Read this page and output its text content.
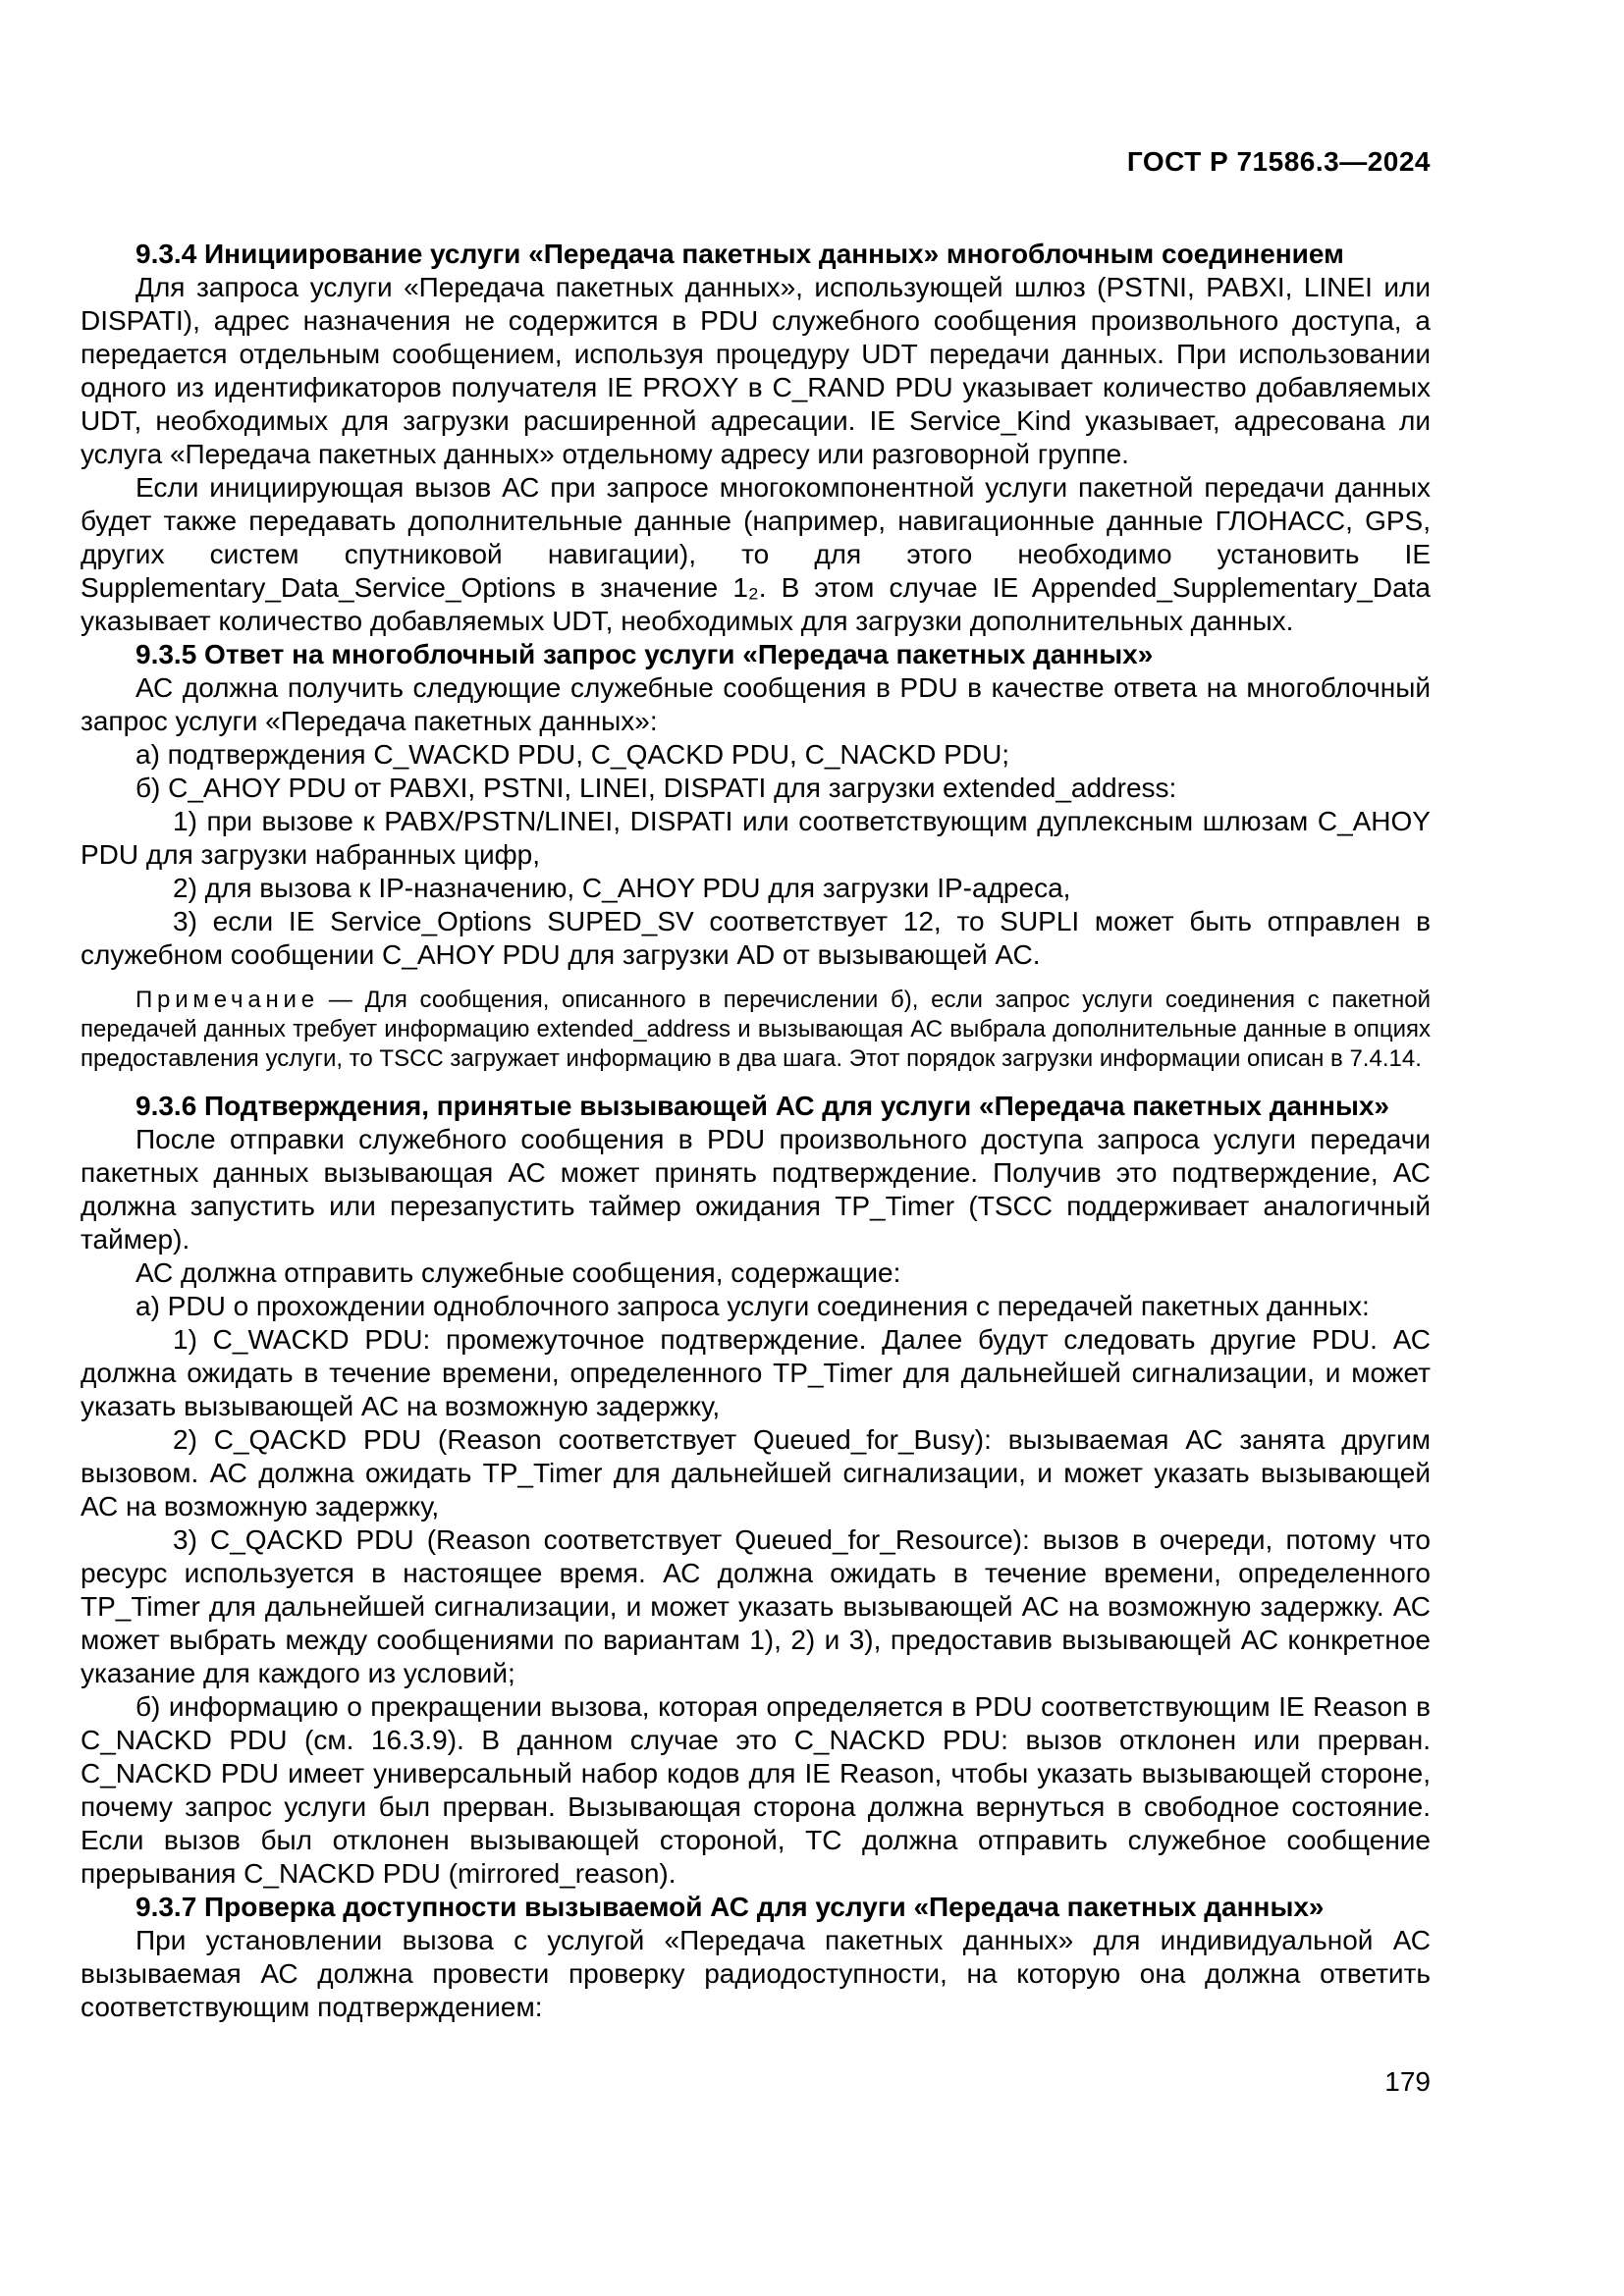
ГОСТ Р 71586.3—2024
9.3.4 Инициирование услуги «Передача пакетных данных» многоблочным соединением

Для запроса услуги «Передача пакетных данных», использующей шлюз (PSTNI, PABXI, LINEI или DISPATI), адрес назначения не содержится в PDU служебного сообщения произвольного доступа, а передается отдельным сообщением, используя процедуру UDT передачи данных. При использовании одного из идентификаторов получателя IE PROXY в C_RAND PDU указывает количество добавляемых UDT, необходимых для загрузки расширенной адресации. IE Service_Kind указывает, адресована ли услуга «Передача пакетных данных» отдельному адресу или разговорной группе.

Если инициирующая вызов АС при запросе многокомпонентной услуги пакетной передачи данных будет также передавать дополнительные данные (например, навигационные данные ГЛОНАСС, GPS, других систем спутниковой навигации), то для этого необходимо установить IE Supplementary_Data_Service_Options в значение 1₂. В этом случае IE Appended_Supplementary_Data указывает количество добавляемых UDT, необходимых для загрузки дополнительных данных.

9.3.5 Ответ на многоблочный запрос услуги «Передача пакетных данных»

АС должна получить следующие служебные сообщения в PDU в качестве ответа на многоблочный запрос услуги «Передача пакетных данных»:

а) подтверждения C_WACKD PDU, C_QACKD PDU, C_NACKD PDU;

б) C_AHOY PDU от PABXI, PSTNI, LINEI, DISPATI для загрузки extended_address:

1) при вызове к PABX/PSTN/LINEI, DISPATI или соответствующим дуплексным шлюзам C_AHOY PDU для загрузки набранных цифр,

2) для вызова к IP-назначению, C_AHOY PDU для загрузки IP-адреса,

3) если IE Service_Options SUPED_SV соответствует 12, то SUPLI может быть отправлен в служебном сообщении C_AHOY PDU для загрузки AD от вызывающей АС.

Примечание — Для сообщения, описанного в перечислении б), если запрос услуги соединения с пакетной передачей данных требует информацию extended_address и вызывающая АС выбрала дополнительные данные в опциях предоставления услуги, то TSCC загружает информацию в два шага. Этот порядок загрузки информации описан в 7.4.14.

9.3.6 Подтверждения, принятые вызывающей АС для услуги «Передача пакетных данных»

После отправки служебного сообщения в PDU произвольного доступа запроса услуги передачи пакетных данных вызывающая АС может принять подтверждение. Получив это подтверждение, АС должна запустить или перезапустить таймер ожидания TP_Timer (TSCC поддерживает аналогичный таймер).

АС должна отправить служебные сообщения, содержащие:

а) PDU о прохождении одноблочного запроса услуги соединения с передачей пакетных данных:

1) C_WACKD PDU: промежуточное подтверждение. Далее будут следовать другие PDU. АС должна ожидать в течение времени, определенного TP_Timer для дальнейшей сигнализации, и может указать вызывающей АС на возможную задержку,

2) C_QACKD PDU (Reason соответствует Queued_for_Busy): вызываемая АС занята другим вызовом. АС должна ожидать TP_Timer для дальнейшей сигнализации, и может указать вызывающей АС на возможную задержку,

3) C_QACKD PDU (Reason соответствует Queued_for_Resource): вызов в очереди, потому что ресурс используется в настоящее время. АС должна ожидать в течение времени, определенного TP_Timer для дальнейшей сигнализации, и может указать вызывающей АС на возможную задержку. АС может выбрать между сообщениями по вариантам 1), 2) и 3), предоставив вызывающей АС конкретное указание для каждого из условий;

б) информацию о прекращении вызова, которая определяется в PDU соответствующим IE Reason в C_NACKD PDU (см. 16.3.9). В данном случае это C_NACKD PDU: вызов отклонен или прерван. C_NACKD PDU имеет универсальный набор кодов для IE Reason, чтобы указать вызывающей стороне, почему запрос услуги был прерван. Вызывающая сторона должна вернуться в свободное состояние. Если вызов был отклонен вызывающей стороной, ТС должна отправить служебное сообщение прерывания C_NACKD PDU (mirrored_reason).

9.3.7 Проверка доступности вызываемой АС для услуги «Передача пакетных данных»

При установлении вызова с услугой «Передача пакетных данных» для индивидуальной АС вызываемая АС должна провести проверку радиодоступности, на которую она должна ответить соответствующим подтверждением:

179
